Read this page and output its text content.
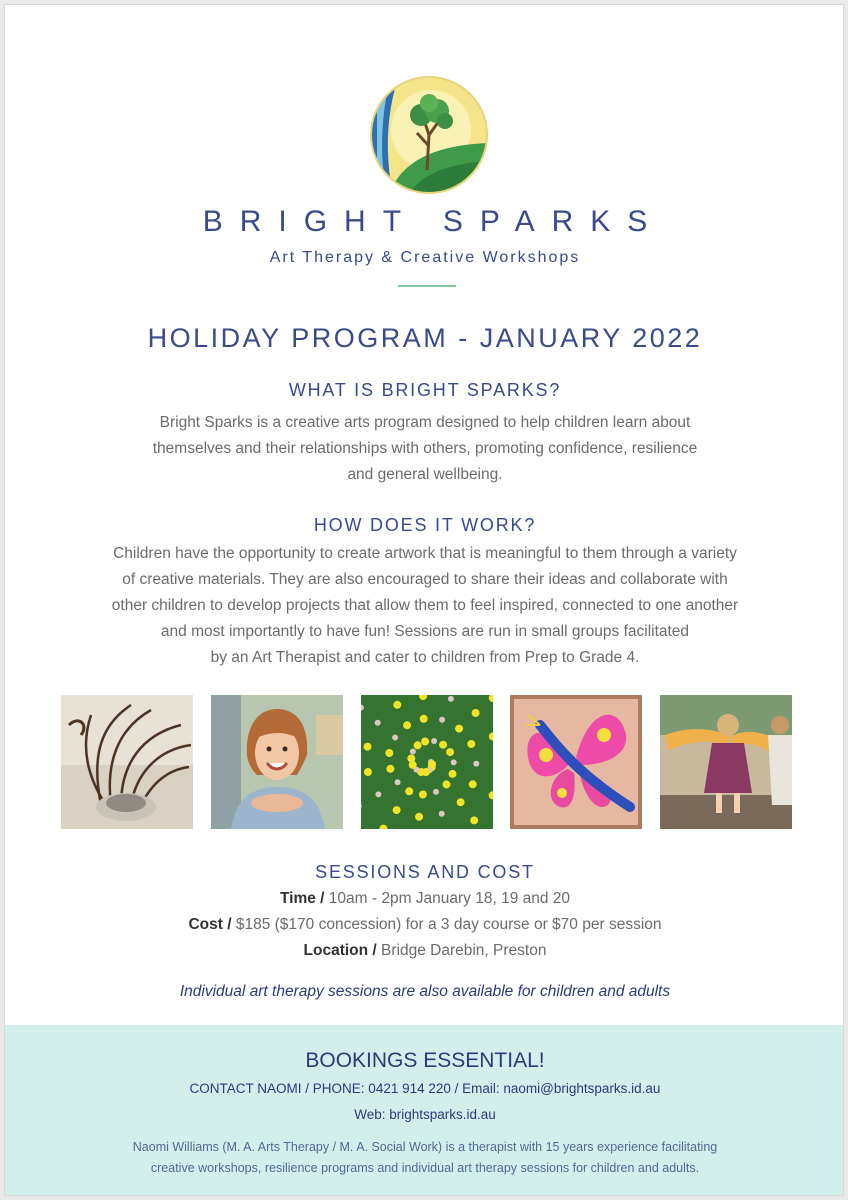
BRIGHT SPARKS
Art Therapy & Creative Workshops
HOLIDAY PROGRAM - JANUARY 2022
WHAT IS BRIGHT SPARKS?
Bright Sparks is a creative arts program designed to help children learn about
themselves and their relationships with others, promoting confidence, resilience
and general wellbeing.
HOW DOES IT WORK?
Children have the opportunity to create artwork that is meaningful to them through a variety
of creative materials. They are also encouraged to share their ideas and collaborate with
other children to develop projects that allow them to feel inspired, connected to one another
and most importantly to have fun! Sessions are run in small groups facilitated
by an Art Therapist and cater to children from Prep to Grade 4.
SESSIONS AND COST
Time / 10am - 2pm January 18, 19 and 20
Cost / $185 ($170 concession) for a 3 day course or $70 per session
Location / Bridge Darebin, Preston
Individual art therapy sessions are also available for children and adults
BOOKINGS ESSENTIAL!
CONTACT NAOMI / PHONE: 0421 914 220 / Email: naomi@brightsparks.id.au
Web: brightsparks.id.au
Naomi Williams (M. A. Arts Therapy / M. A. Social Work) is a therapist with 15 years experience facilitating
creative workshops, resilience programs and individual art therapy sessions for children and adults.
